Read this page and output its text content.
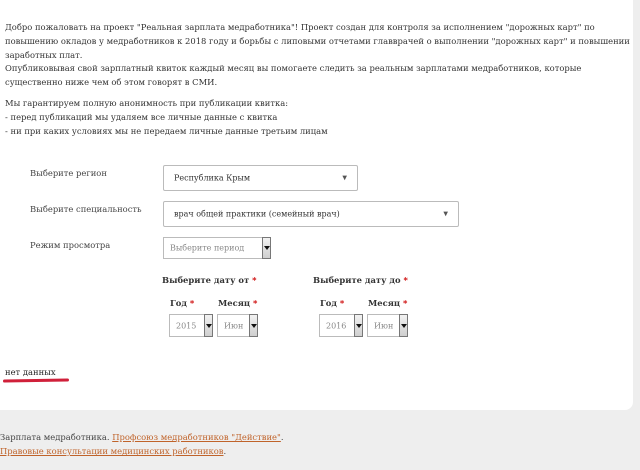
Добро пожаловать на проект "Реальная зарплата медработника"! Проект создан для контроля за исполнением "дорожных карт" по повышению окладов у медработников к 2018 году и борьбы с липовыми отчетами главврачей о выполнении "дорожных карт" и повышении заработных плат.

Опубликовывая свой зарплатный квиток каждый месяц вы помогаете следить за реальным зарплатами медработников, которые существенно ниже чем об этом говорят в СМИ.

Мы гарантируем полную анонимность при публикации квитка:
- перед публикаций мы удаляем все личные данные с квитка
- ни при каких условиях мы не передаем личные данные третьим лицам
Выберите регион	Республика Крым	▼
Выберите специальность	врач общей практики (семейный врач)	▼
Режим просмотра	Выберите период
Выберите дату от *
Год *	Месяц *
2015	Июн
Выберите дату до *
Год *	Месяц *
2016	Июн
нет данных
Зарплата медработника. Профсоюз медработников "Действие".
Правовые консультации медицинских работников.
